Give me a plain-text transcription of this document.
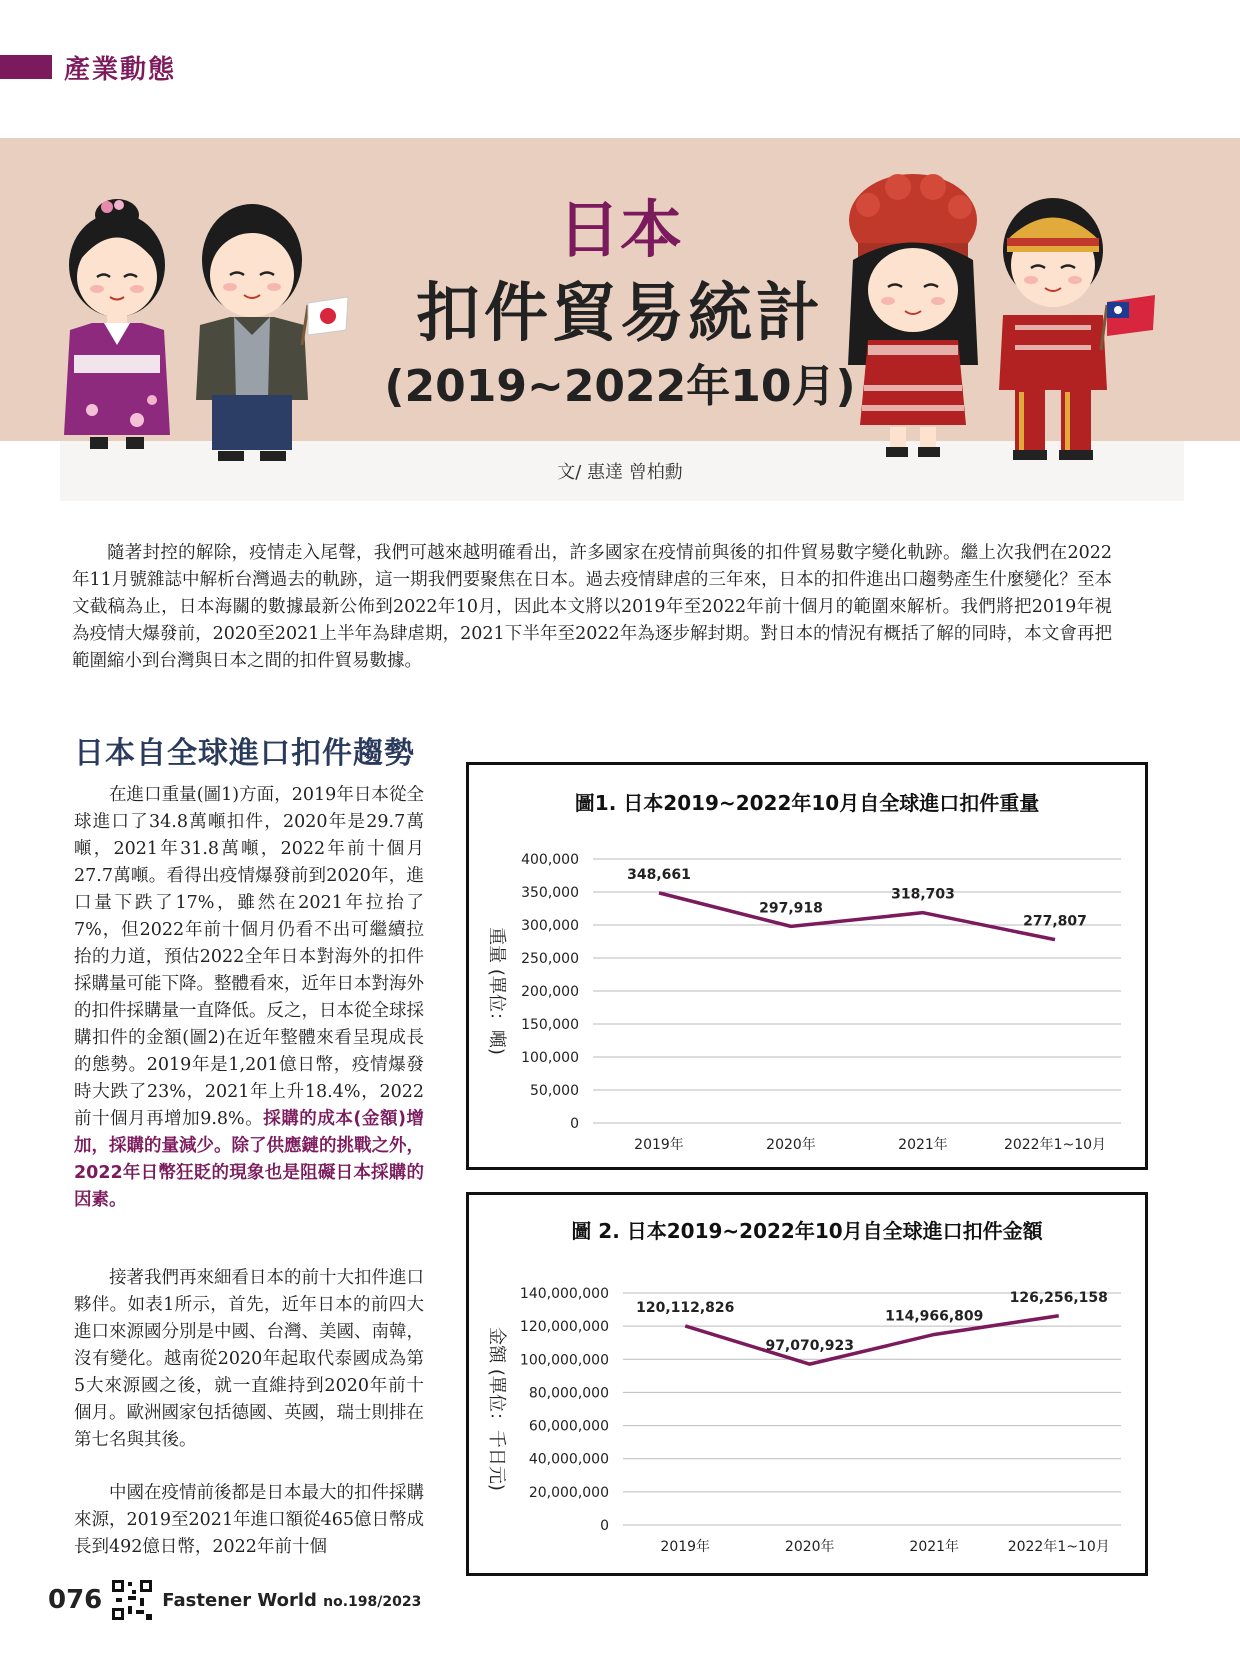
產業動態
日本
扣件貿易統計
(2019~2022年10月)
文/ 惠達 曾柏勳
隨著封控的解除，疫情走入尾聲，我們可越來越明確看出，許多國家在疫情前與後的扣件貿易數字變化軌跡。繼上次我們在2022年11月號雜誌中解析台灣過去的軌跡，這一期我們要聚焦在日本。過去疫情肆虐的三年來，日本的扣件進出口趨勢產生什麼變化？至本文截稿為止，日本海關的數據最新公佈到2022年10月，因此本文將以2019年至2022年前十個月的範圍來解析。我們將把2019年視為疫情大爆發前，2020至2021上半年為肆虐期，2021下半年至2022年為逐步解封期。對日本的情況有概括了解的同時，本文會再把範圍縮小到台灣與日本之間的扣件貿易數據。
日本自全球進口扣件趨勢

在進口重量(圖1)方面，2019年日本從全球進口了34.8萬噸扣件，2020年是29.7萬噸，2021年31.8萬噸，2022年前十個月27.7萬噸。看得出疫情爆發前到2020年，進口量下跌了17%，雖然在2021年拉抬了7%，但2022年前十個月仍看不出可繼續拉抬的力道，預估2022全年日本對海外的扣件採購量可能下降。整體看來，近年日本對海外的扣件採購量一直降低。反之，日本從全球採購扣件的金額(圖2)在近年整體來看呈現成長的態勢。2019年是1,201億日幣，疫情爆發時大跌了23%，2021年上升18.4%，2022前十個月再增加9.8%。採購的成本(金額)增加，採購的量減少。除了供應鏈的挑戰之外，2022年日幣狂貶的現象也是阻礙日本採購的因素。

接著我們再來細看日本的前十大扣件進口夥伴。如表1所示，首先，近年日本的前四大進口來源國分別是中國、台灣、美國、南韓，沒有變化。越南從2020年起取代泰國成為第5大來源國之後，就一直維持到2020年前十個月。歐洲國家包括德國、英國，瑞士則排在第七名與其後。

中國在疫情前後都是日本最大的扣件採購來源，2019至2021年進口額從465億日幣成長到492億日幣，2022年前十個

圖1. 日本2019~2022年10月自全球進口扣件重量
0
50,000
100,000
150,000
200,000
250,000
300,000
350,000
400,000
重量 (單位：噸)
2019年	2020年	2021年	2022年1~10月
348,661
297,918
318,703
277,807
圖 2. 日本2019~2022年10月自全球進口扣件金額
0
20,000,000
40,000,000
60,000,000
80,000,000
100,000,000
120,000,000
140,000,000
金額 (單位：千日元)
2019年	2020年	2021年	2022年1~10月
120,112,826
97,070,923
114,966,809
126,256,158
076	Fastener World no.198/2023
